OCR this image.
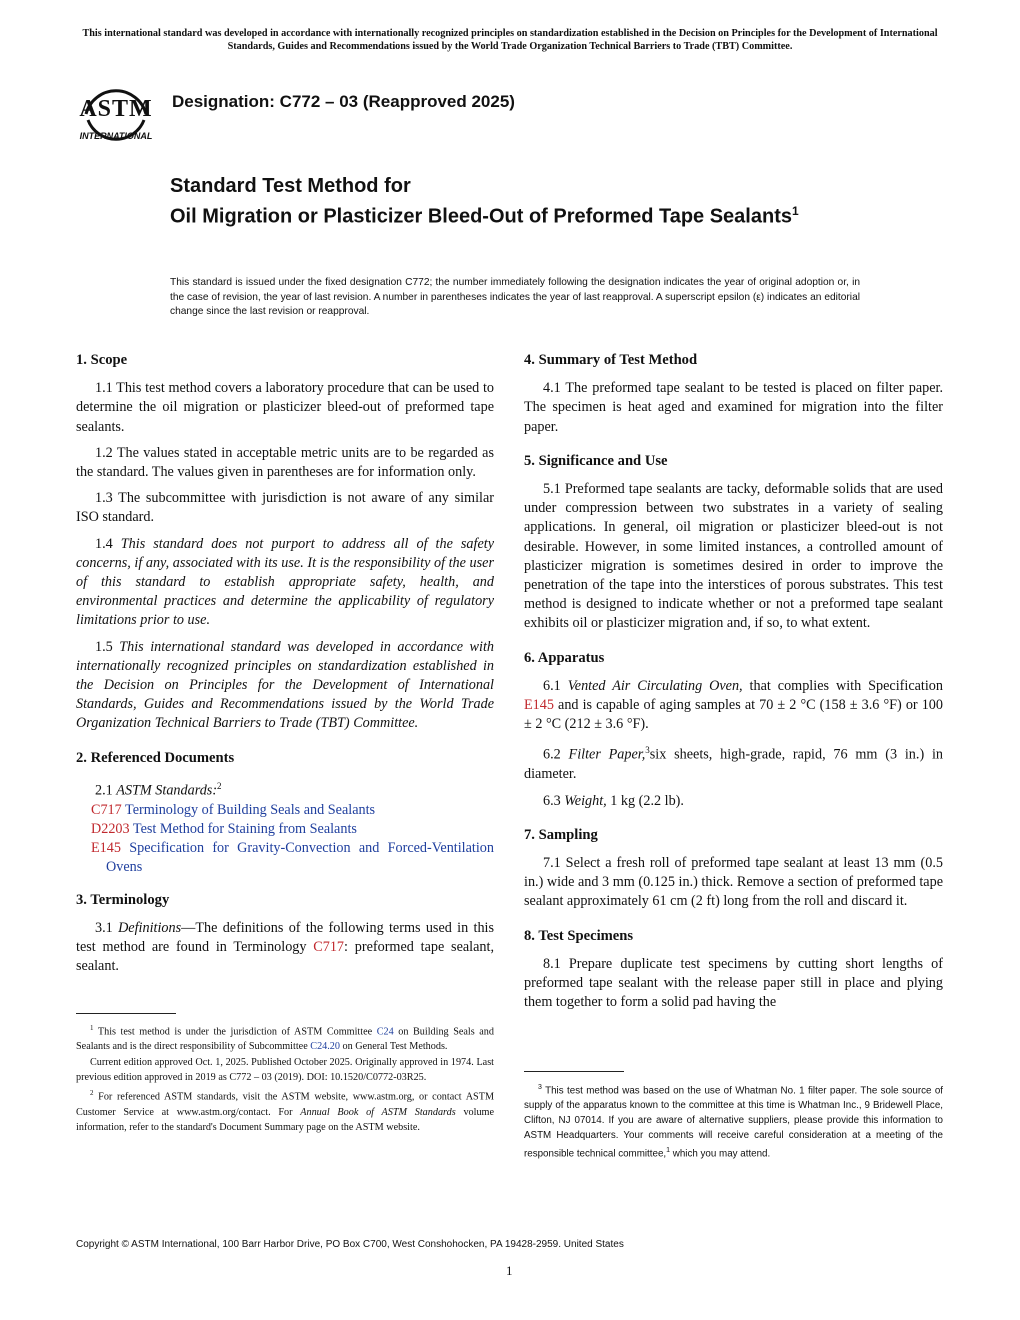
This international standard was developed in accordance with internationally recognized principles on standardization established in the Decision on Principles for the Development of International Standards, Guides and Recommendations issued by the World Trade Organization Technical Barriers to Trade (TBT) Committee.
ASTM
INTERNATIONAL
Designation: C772 – 03 (Reapproved 2025)
Standard Test Method for
Oil Migration or Plasticizer Bleed-Out of Preformed Tape Sealants$^1$
This standard is issued under the fixed designation C772; the number immediately following the designation indicates the year of original adoption or, in the case of revision, the year of last revision. A number in parentheses indicates the year of last reapproval. A superscript epsilon (ε) indicates an editorial change since the last revision or reapproval.
1. Scope
1.1 This test method covers a laboratory procedure that can be used to determine the oil migration or plasticizer bleed-out of preformed tape sealants.
1.2 The values stated in acceptable metric units are to be regarded as the standard. The values given in parentheses are for information only.
1.3 The subcommittee with jurisdiction is not aware of any similar ISO standard.
1.4 This standard does not purport to address all of the safety concerns, if any, associated with its use. It is the responsibility of the user of this standard to establish appropriate safety, health, and environmental practices and determine the applicability of regulatory limitations prior to use.
1.5 This international standard was developed in accordance with internationally recognized principles on standardization established in the Decision on Principles for the Development of International Standards, Guides and Recommendations issued by the World Trade Organization Technical Barriers to Trade (TBT) Committee.
2. Referenced Documents
2.1 ASTM Standards:$^2$
C717 Terminology of Building Seals and Sealants
D2203 Test Method for Staining from Sealants
E145 Specification for Gravity-Convection and Forced-Ventilation Ovens
3. Terminology
3.1 Definitions—The definitions of the following terms used in this test method are found in Terminology C717: preformed tape sealant, sealant.
4. Summary of Test Method
4.1 The preformed tape sealant to be tested is placed on filter paper. The specimen is heat aged and examined for migration into the filter paper.
5. Significance and Use
5.1 Preformed tape sealants are tacky, deformable solids that are used under compression between two substrates in a variety of sealing applications. In general, oil migration or plasticizer bleed-out is not desirable. However, in some limited instances, a controlled amount of plasticizer migration is sometimes desired in order to improve the penetration of the tape into the interstices of porous substrates. This test method is designed to indicate whether or not a preformed tape sealant exhibits oil or plasticizer migration and, if so, to what extent.
6. Apparatus
6.1 Vented Air Circulating Oven, that complies with Specification E145 and is capable of aging samples at 70 ± 2 °C (158 ± 3.6 °F) or 100 ± 2 °C (212 ± 3.6 °F).
6.2 Filter Paper,$^3$six sheets, high-grade, rapid, 76 mm (3 in.) in diameter.
6.3 Weight, 1 kg (2.2 lb).
7. Sampling
7.1 Select a fresh roll of preformed tape sealant at least 13 mm (0.5 in.) wide and 3 mm (0.125 in.) thick. Remove a section of preformed tape sealant approximately 61 cm (2 ft) long from the roll and discard it.
8. Test Specimens
8.1 Prepare duplicate test specimens by cutting short lengths of preformed tape sealant with the release paper still in place and plying them together to form a solid pad having the

$^1$ This test method is under the jurisdiction of ASTM Committee C24 on Building Seals and Sealants and is the direct responsibility of Subcommittee C24.20 on General Test Methods.

Current edition approved Oct. 1, 2025. Published October 2025. Originally approved in 1974. Last previous edition approved in 2019 as C772 – 03 (2019). DOI: 10.1520/C0772-03R25.

$^2$ For referenced ASTM standards, visit the ASTM website, www.astm.org, or contact ASTM Customer Service at www.astm.org/contact. For Annual Book of ASTM Standards volume information, refer to the standard's Document Summary page on the ASTM website.

$^3$ This test method was based on the use of Whatman No. 1 filter paper. The sole source of supply of the apparatus known to the committee at this time is Whatman Inc., 9 Bridewell Place, Clifton, NJ 07014. If you are aware of alternative suppliers, please provide this information to ASTM Headquarters. Your comments will receive careful consideration at a meeting of the responsible technical committee,$^1$ which you may attend.

Copyright © ASTM International, 100 Barr Harbor Drive, PO Box C700, West Conshohocken, PA 19428-2959. United States
1
